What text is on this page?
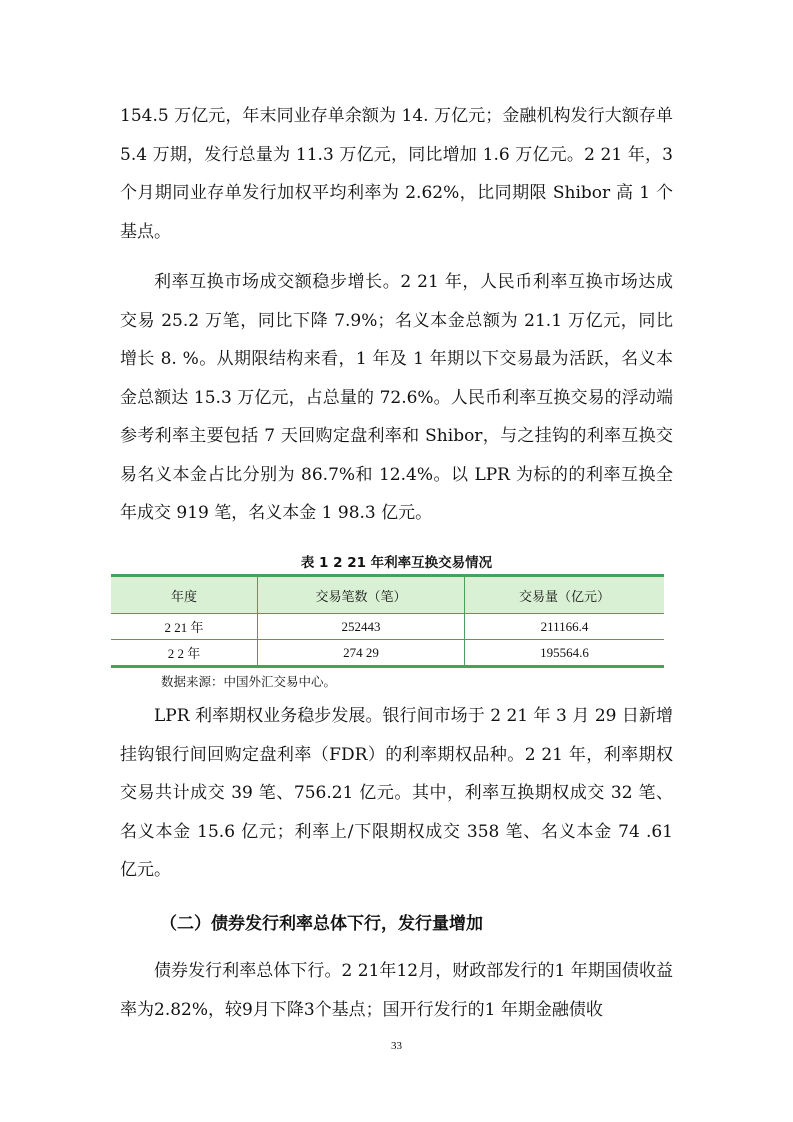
154.5 万亿元，年末同业存单余额为 14. 万亿元；金融机构发行大额存单 5.4 万期，发行总量为 11.3 万亿元，同比增加 1.6 万亿元。2 21 年，3 个月期同业存单发行加权平均利率为 2.62%，比同期限 Shibor 高 1 个基点。

利率互换市场成交额稳步增长。2 21 年，人民币利率互换市场达成交易 25.2 万笔，同比下降 7.9%；名义本金总额为 21.1 万亿元，同比增长 8. %。从期限结构来看，1 年及 1 年期以下交易最为活跃，名义本金总额达 15.3 万亿元，占总量的 72.6%。人民币利率互换交易的浮动端参考利率主要包括 7 天回购定盘利率和 Shibor，与之挂钩的利率互换交易名义本金占比分别为 86.7%和 12.4%。以 LPR 为标的的利率互换全年成交 919 笔，名义本金 1 98.3 亿元。

表 1 2 21 年利率互换交易情况
年度	交易笔数（笔）	交易量（亿元）
2 21 年	252443	211166.4
2 2 年	274 29	195564.6
数据来源：中国外汇交易中心。

LPR 利率期权业务稳步发展。银行间市场于 2 21 年 3 月 29 日新增挂钩银行间回购定盘利率（FDR）的利率期权品种。2 21 年，利率期权交易共计成交 39 笔、756.21 亿元。其中，利率互换期权成交 32 笔、名义本金 15.6 亿元；利率上/下限期权成交 358 笔、名义本金 74 .61 亿元。

（二）债券发行利率总体下行，发行量增加

债券发行利率总体下行。2 21年12月，财政部发行的1 年期国债收益率为2.82%，较9月下降3个基点；国开行发行的1 年期金融债收

33
